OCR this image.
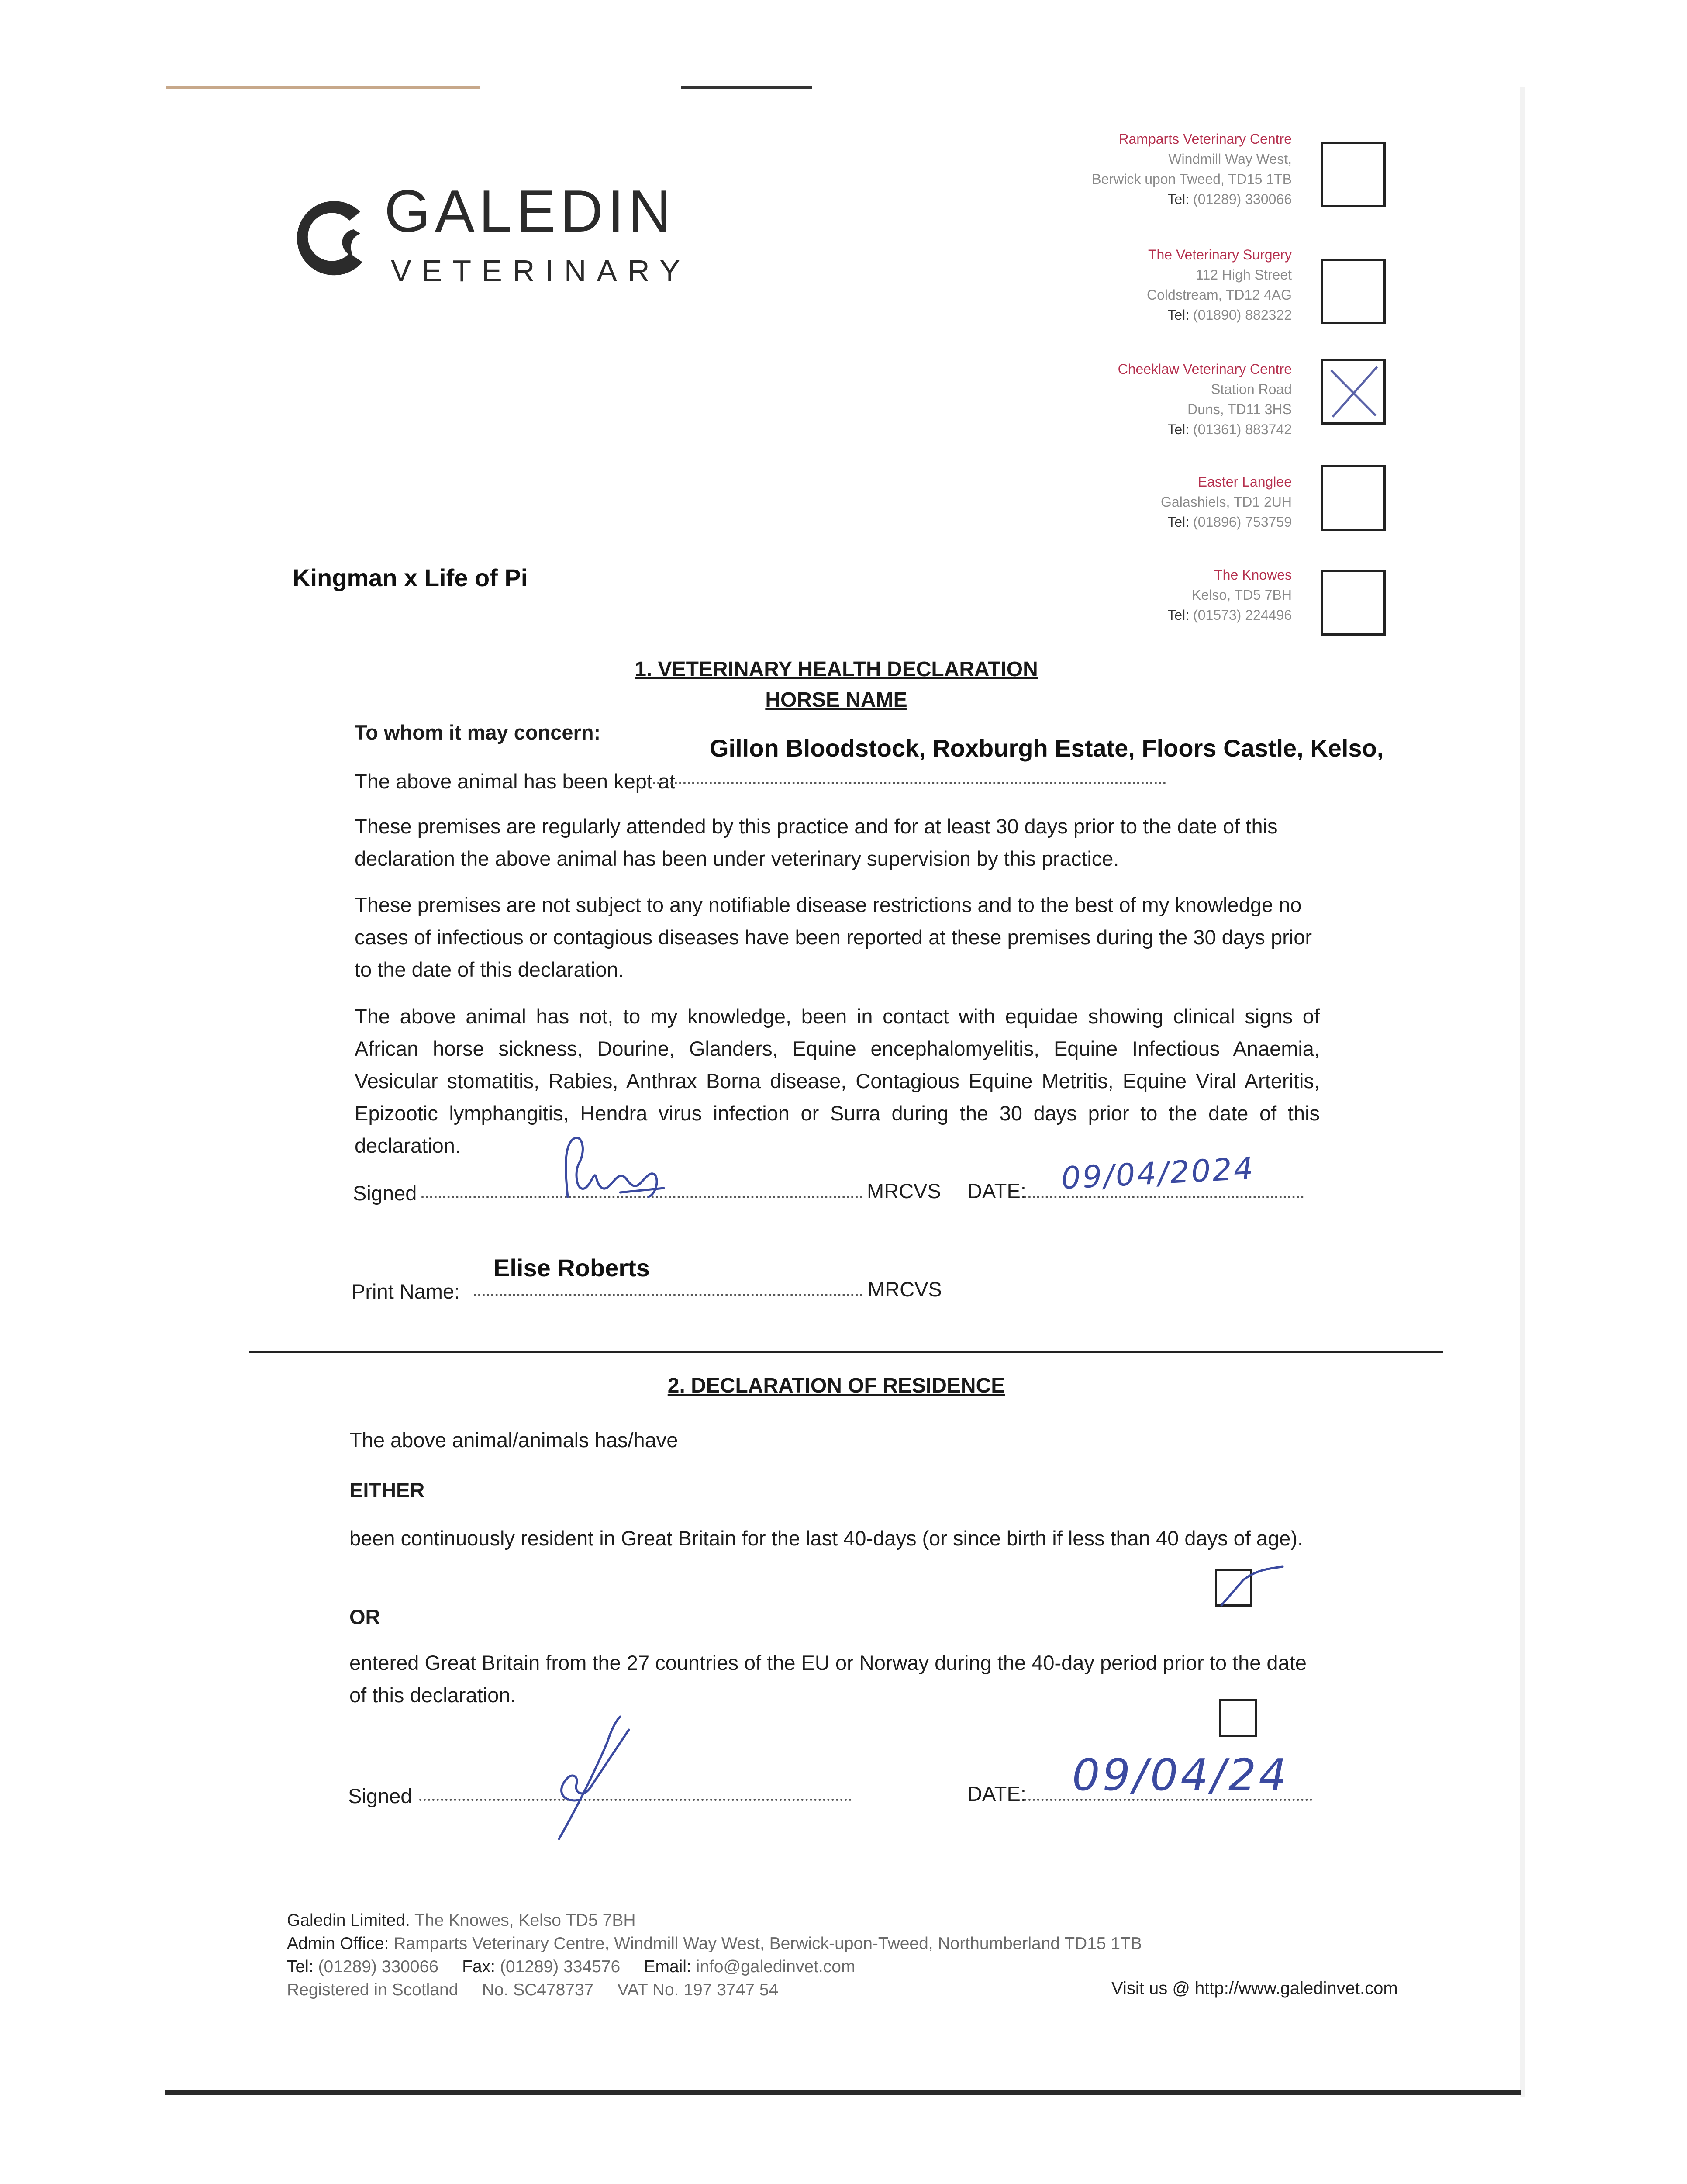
GALEDIN
VETERINARY
Ramparts Veterinary Centre
Windmill Way West,
Berwick upon Tweed, TD15 1TB
Tel: (01289) 330066
The Veterinary Surgery
112 High Street
Coldstream, TD12 4AG
Tel: (01890) 882322
Cheeklaw Veterinary Centre
Station Road
Duns, TD11 3HS
Tel: (01361) 883742
Easter Langlee
Galashiels, TD1 2UH
Tel: (01896) 753759
The Knowes
Kelso, TD5 7BH
Tel: (01573) 224496
Kingman x Life of Pi
1. VETERINARY HEALTH DECLARATION
HORSE NAME
To whom it may concern:
The above animal has been kept at
Gillon Bloodstock, Roxburgh Estate, Floors Castle, Kelso,
These premises are regularly attended by this practice and for at least 30 days prior to the date of this declaration the above animal has been under veterinary supervision by this practice.
These premises are not subject to any notifiable disease restrictions and to the best of my knowledge no cases of infectious or contagious diseases have been reported at these premises during the 30 days prior to the date of this declaration.
The above animal has not, to my knowledge, been in contact with equidae showing clinical signs of African horse sickness, Dourine, Glanders, Equine encephalomyelitis, Equine Infectious Anaemia, Vesicular stomatitis, Rabies, Anthrax Borna disease, Contagious Equine Metritis, Equine Viral Arteritis, Epizootic lymphangitis, Hendra virus infection or Surra during the 30 days prior to the date of this declaration.
Signed	MRCVS DATE: 09/04/2024
Elise Roberts
Print Name:	MRCVS
2. DECLARATION OF RESIDENCE
The above animal/animals has/have
EITHER
been continuously resident in Great Britain for the last 40-days (or since birth if less than 40 days of age).
OR
entered Great Britain from the 27 countries of the EU or Norway during the 40-day period prior to the date of this declaration.
Signed	DATE: 09/04/24
Galedin Limited. The Knowes, Kelso TD5 7BH
Admin Office: Ramparts Veterinary Centre, Windmill Way West, Berwick-upon-Tweed, Northumberland TD15 1TB
Tel: (01289) 330066 Fax: (01289) 334576 Email: info@galedinvet.com
Registered in Scotland No. SC478737 VAT No. 197 3747 54	Visit us @ http://www.galedinvet.com
